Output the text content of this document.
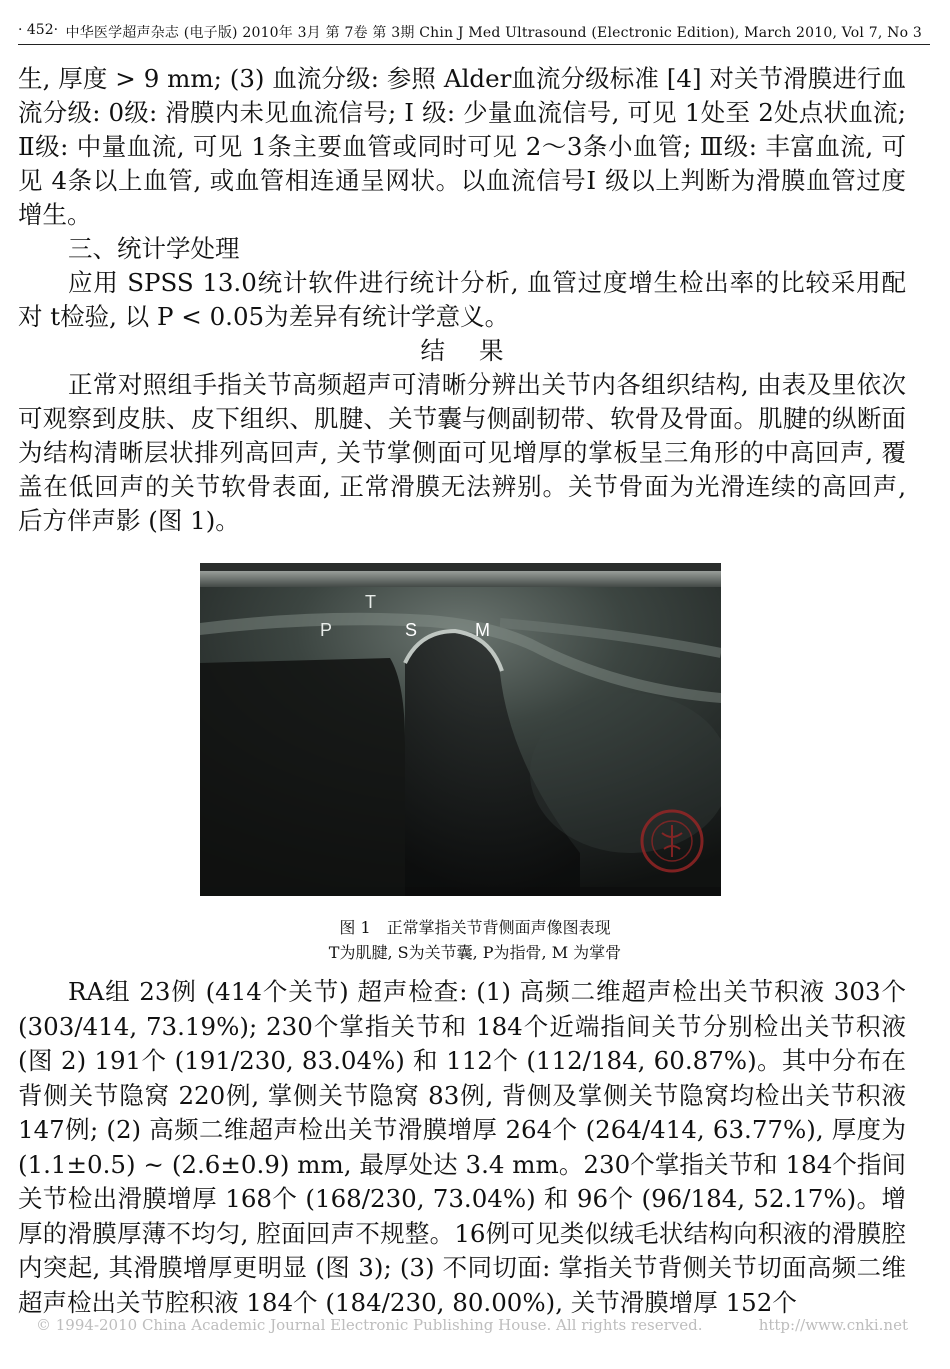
· 452· 中华医学超声杂志 (电子版) 2010年 3月 第 7卷 第 3期 Chin J Med Ultrasound (Electronic Edition), March 2010, Vol 7, No 3

生, 厚度 > 9 mm; (3) 血流分级: 参照 Alder血流分级标准 [4] 对关节滑膜进行血流分级: 0级: 滑膜内未见血流信号; Ⅰ 级: 少量血流信号, 可见 1处至 2处点状血流; Ⅱ级: 中量血流, 可见 1条主要血管或同时可见 2～3条小血管; Ⅲ级: 丰富血流, 可见 4条以上血管, 或血管相连通呈网状。以血流信号Ⅰ 级以上判断为滑膜血管过度增生。

三、统计学处理

应用 SPSS 13.0统计软件进行统计分析, 血管过度增生检出率的比较采用配对 t检验, 以 P < 0.05为差异有统计学意义。

结果

正常对照组手指关节高频超声可清晰分辨出关节内各组织结构, 由表及里依次可观察到皮肤、皮下组织、肌腱、关节囊与侧副韧带、软骨及骨面。肌腱的纵断面为结构清晰层状排列高回声, 关节掌侧面可见增厚的掌板呈三角形的中高回声, 覆盖在低回声的关节软骨表面, 正常滑膜无法辨别。关节骨面为光滑连续的高回声, 后方伴声影 (图 1)。

T
P	S	M
图 1　正常掌指关节背侧面声像图表现
T为肌腱, S为关节囊, P为指骨, M 为掌骨

RA组 23例 (414个关节) 超声检查: (1) 高频二维超声检出关节积液 303个 (303/414, 73.19%); 230个掌指关节和 184个近端指间关节分别检出关节积液 (图 2) 191个 (191/230, 83.04%) 和 112个 (112/184, 60.87%)。其中分布在背侧关节隐窝 220例, 掌侧关节隐窝 83例, 背侧及掌侧关节隐窝均检出关节积液 147例; (2) 高频二维超声检出关节滑膜增厚 264个 (264/414, 63.77%), 厚度为 (1.1±0.5) ~ (2.6±0.9) mm, 最厚处达 3.4 mm。230个掌指关节和 184个指间关节检出滑膜增厚 168个 (168/230, 73.04%) 和 96个 (96/184, 52.17%)。增厚的滑膜厚薄不均匀, 腔面回声不规整。16例可见类似绒毛状结构向积液的滑膜腔内突起, 其滑膜增厚更明显 (图 3); (3) 不同切面: 掌指关节背侧关节切面高频二维超声检出关节腔积液 184个 (184/230, 80.00%), 关节滑膜增厚 152个

© 1994-2010 China Academic Journal Electronic Publishing House. All rights reserved.	http://www.cnki.net
